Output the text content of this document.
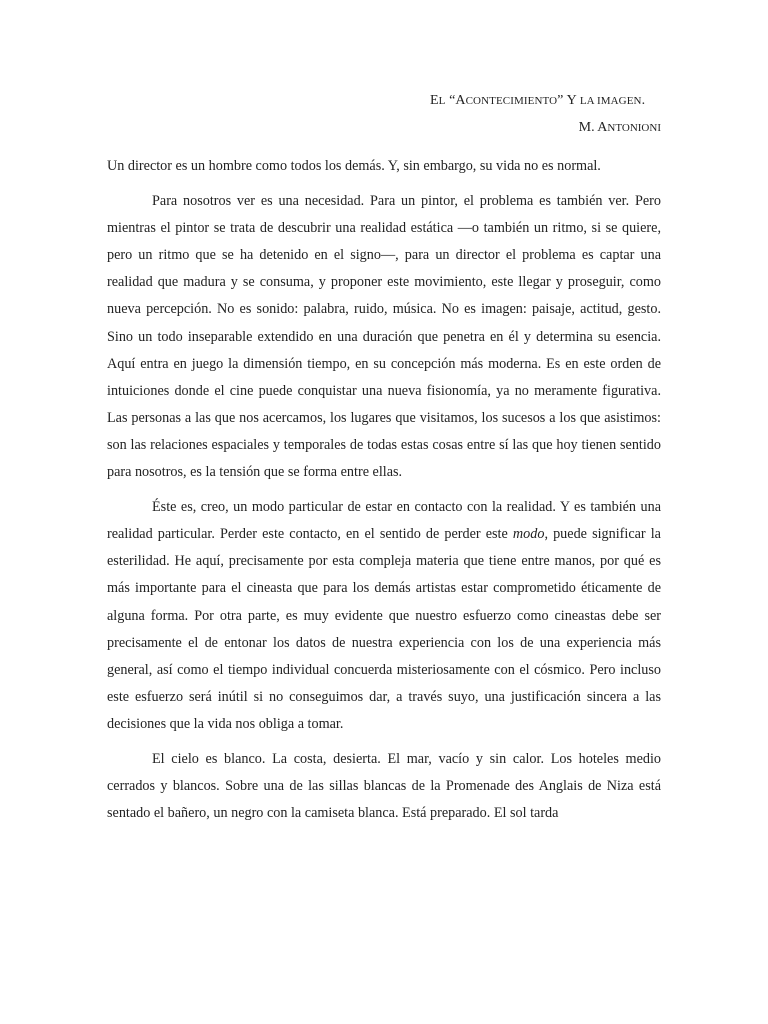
EL “ACONTECIMIENTO” Y LA IMAGEN.
M. ANTONIONI

Un director es un hombre como todos los demás. Y, sin embargo, su vida no es normal.

Para nosotros ver es una necesidad. Para un pintor, el problema es también ver. Pero mientras el pintor se trata de descubrir una realidad estática —o también un ritmo, si se quiere, pero un ritmo que se ha detenido en el signo—, para un director el problema es captar una realidad que madura y se consuma, y proponer este movimiento, este llegar y proseguir, como nueva percepción. No es sonido: palabra, ruido, música. No es imagen: paisaje, actitud, gesto. Sino un todo inseparable extendido en una duración que penetra en él y determina su esencia. Aquí entra en juego la dimensión tiempo, en su concepción más moderna. Es en este orden de intuiciones donde el cine puede conquistar una nueva fisionomía, ya no meramente figurativa. Las personas a las que nos acercamos, los lugares que visitamos, los sucesos a los que asistimos: son las relaciones espaciales y temporales de todas estas cosas entre sí las que hoy tienen sentido para nosotros, es la tensión que se forma entre ellas.

Éste es, creo, un modo particular de estar en contacto con la realidad. Y es también una realidad particular. Perder este contacto, en el sentido de perder este modo, puede significar la esterilidad. He aquí, precisamente por esta compleja materia que tiene entre manos, por qué es más importante para el cineasta que para los demás artistas estar comprometido éticamente de alguna forma. Por otra parte, es muy evidente que nuestro esfuerzo como cineastas debe ser precisamente el de entonar los datos de nuestra experiencia con los de una experiencia más general, así como el tiempo individual concuerda misteriosamente con el cósmico. Pero incluso este esfuerzo será inútil si no conseguimos dar, a través suyo, una justificación sincera a las decisiones que la vida nos obliga a tomar.

El cielo es blanco. La costa, desierta. El mar, vacío y sin calor. Los hoteles medio cerrados y blancos. Sobre una de las sillas blancas de la Promenade des Anglais de Niza está sentado el bañero, un negro con la camiseta blanca. Está preparado. El sol tarda
